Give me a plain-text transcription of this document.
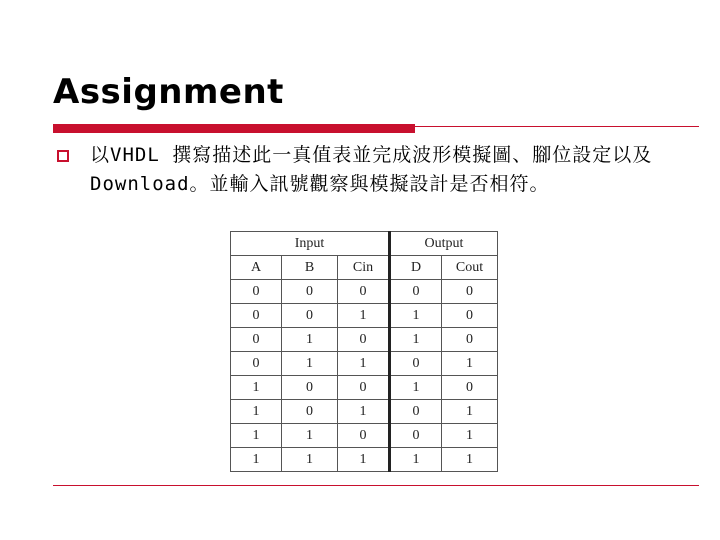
Assignment
以VHDL 撰寫描述此一真值表並完成波形模擬圖、腳位設定以及Download。並輸入訊號觀察與模擬設計是否相符。
Input			Output	
A	B	Cin	D	Cout
0	0	0	0	0
0	0	1	1	0
0	1	0	1	0
0	1	1	0	1
1	0	0	1	0
1	0	1	0	1
1	1	0	0	1
1	1	1	1	1
